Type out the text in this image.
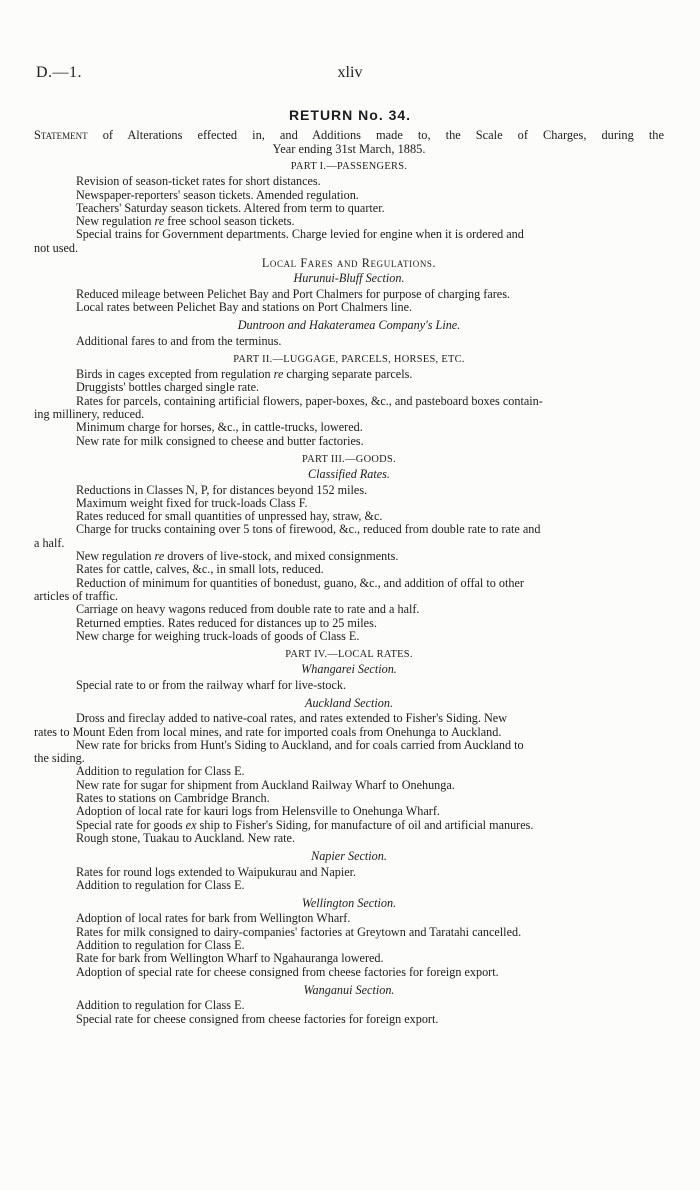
D.—1.	xliv
RETURN No. 34.
Statement of Alterations effected in, and Additions made to, the Scale of Charges, during the
Year ending 31st March, 1885.
PART I.—PASSENGERS.
Revision of season-ticket rates for short distances.
Newspaper-reporters' season tickets. Amended regulation.
Teachers' Saturday season tickets. Altered from term to quarter.
New regulation re free school season tickets.
Special trains for Government departments. Charge levied for engine when it is ordered and
not used.
Local Fares and Regulations.
Hurunui-Bluff Section.
Reduced mileage between Pelichet Bay and Port Chalmers for purpose of charging fares.
Local rates between Pelichet Bay and stations on Port Chalmers line.
Duntroon and Hakateramea Company's Line.
Additional fares to and from the terminus.
PART II.—LUGGAGE, PARCELS, HORSES, ETC.
Birds in cages excepted from regulation re charging separate parcels.
Druggists' bottles charged single rate.
Rates for parcels, containing artificial flowers, paper-boxes, &c., and pasteboard boxes contain-
ing millinery, reduced.
Minimum charge for horses, &c., in cattle-trucks, lowered.
New rate for milk consigned to cheese and butter factories.
PART III.—GOODS.
Classified Rates.
Reductions in Classes N, P, for distances beyond 152 miles.
Maximum weight fixed for truck-loads Class F.
Rates reduced for small quantities of unpressed hay, straw, &c.
Charge for trucks containing over 5 tons of firewood, &c., reduced from double rate to rate and
a half.
New regulation re drovers of live-stock, and mixed consignments.
Rates for cattle, calves, &c., in small lots, reduced.
Reduction of minimum for quantities of bonedust, guano, &c., and addition of offal to other
articles of traffic.
Carriage on heavy wagons reduced from double rate to rate and a half.
Returned empties. Rates reduced for distances up to 25 miles.
New charge for weighing truck-loads of goods of Class E.
PART IV.—LOCAL RATES.
Whangarei Section.
Special rate to or from the railway wharf for live-stock.
Auckland Section.
Dross and fireclay added to native-coal rates, and rates extended to Fisher's Siding. New
rates to Mount Eden from local mines, and rate for imported coals from Onehunga to Auckland.
New rate for bricks from Hunt's Siding to Auckland, and for coals carried from Auckland to
the siding.
Addition to regulation for Class E.
New rate for sugar for shipment from Auckland Railway Wharf to Onehunga.
Rates to stations on Cambridge Branch.
Adoption of local rate for kauri logs from Helensville to Onehunga Wharf.
Special rate for goods ex ship to Fisher's Siding, for manufacture of oil and artificial manures.
Rough stone, Tuakau to Auckland. New rate.
Napier Section.
Rates for round logs extended to Waipukurau and Napier.
Addition to regulation for Class E.
Wellington Section.
Adoption of local rates for bark from Wellington Wharf.
Rates for milk consigned to dairy-companies' factories at Greytown and Taratahi cancelled.
Addition to regulation for Class E.
Rate for bark from Wellington Wharf to Ngahauranga lowered.
Adoption of special rate for cheese consigned from cheese factories for foreign export.
Wanganui Section.
Addition to regulation for Class E.
Special rate for cheese consigned from cheese factories for foreign export.
